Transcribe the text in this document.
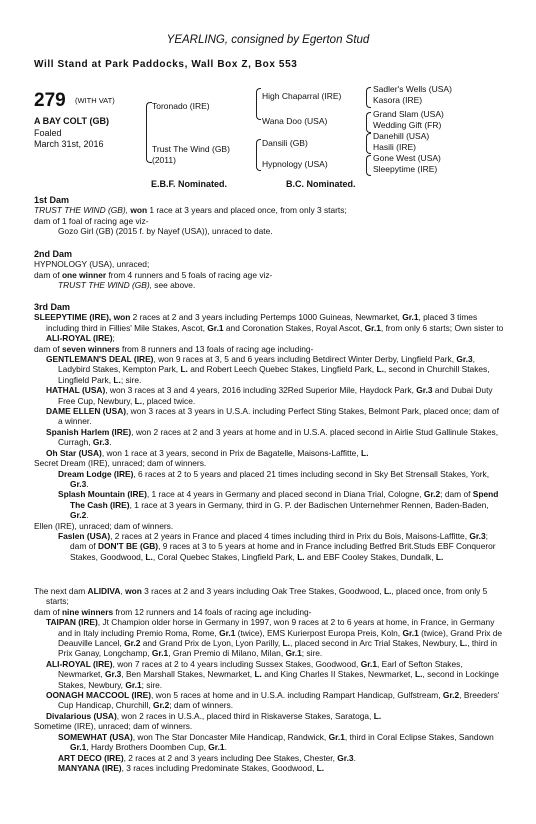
YEARLING, consigned by Egerton Stud
Will Stand at Park Paddocks, Wall Box Z, Box 553
279 (WITH VAT)
A BAY COLT (GB)
Foaled
March 31st, 2016
Toronado (IRE)
Trust The Wind (GB)
(2011)
High Chaparral (IRE)
Wana Doo (USA)
Dansili (GB)
Hypnology (USA)
Sadler's Wells (USA)
Kasora (IRE)
Grand Slam (USA)
Wedding Gift (FR)
Danehill (USA)
Hasili (IRE)
Gone West (USA)
Sleepytime (IRE)
E.B.F. Nominated.	B.C. Nominated.

1st Dam

TRUST THE WIND (GB), won 1 race at 3 years and placed once, from only 3 starts;

dam of 1 foal of racing age viz-

Gozo Girl (GB) (2015 f. by Nayef (USA)), unraced to date.

2nd Dam

HYPNOLOGY (USA), unraced;

dam of one winner from 4 runners and 5 foals of racing age viz-

TRUST THE WIND (GB), see above.

3rd Dam

SLEEPYTIME (IRE), won 2 races at 2 and 3 years including Pertemps 1000 Guineas, Newmarket, Gr.1, placed 3 times including third in Fillies' Mile Stakes, Ascot, Gr.1 and Coronation Stakes, Royal Ascot, Gr.1, from only 6 starts; Own sister to ALI-ROYAL (IRE);

dam of seven winners from 8 runners and 13 foals of racing age including-

GENTLEMAN'S DEAL (IRE), won 9 races at 3, 5 and 6 years including Betdirect Winter Derby, Lingfield Park, Gr.3, Ladybird Stakes, Kempton Park, L. and Robert Leech Quebec Stakes, Lingfield Park, L., second in Churchill Stakes, Lingfield Park, L.; sire.

HATHAL (USA), won 3 races at 3 and 4 years, 2016 including 32Red Superior Mile, Haydock Park, Gr.3 and Dubai Duty Free Cup, Newbury, L., placed twice.

DAME ELLEN (USA), won 3 races at 3 years in U.S.A. including Perfect Sting Stakes, Belmont Park, placed once; dam of a winner.

Spanish Harlem (IRE), won 2 races at 2 and 3 years at home and in U.S.A. placed second in Airlie Stud Gallinule Stakes, Curragh, Gr.3.

Oh Star (USA), won 1 race at 3 years, second in Prix de Bagatelle, Maisons-Laffitte, L.

Secret Dream (IRE), unraced; dam of winners.

Dream Lodge (IRE), 6 races at 2 to 5 years and placed 21 times including second in Sky Bet Strensall Stakes, York, Gr.3.

Splash Mountain (IRE), 1 race at 4 years in Germany and placed second in Diana Trial, Cologne, Gr.2; dam of Spend The Cash (IRE), 1 race at 3 years in Germany, third in G. P. der Badischen Unternehmer Rennen, Baden-Baden, Gr.2.

Ellen (IRE), unraced; dam of winners.

Faslen (USA), 2 races at 2 years in France and placed 4 times including third in Prix du Bois, Maisons-Laffitte, Gr.3; dam of DON'T BE (GB), 9 races at 3 to 5 years at home and in France including Betfred Brit.Studs EBF Conqueror Stakes, Goodwood, L., Coral Quebec Stakes, Lingfield Park, L. and EBF Cooley Stakes, Dundalk, L.

The next dam ALIDIVA, won 3 races at 2 and 3 years including Oak Tree Stakes, Goodwood, L., placed once, from only 5 starts;

dam of nine winners from 12 runners and 14 foals of racing age including-

TAIPAN (IRE), Jt Champion older horse in Germany in 1997, won 9 races at 2 to 6 years at home, in France, in Germany and in Italy including Premio Roma, Rome, Gr.1 (twice), EMS Kurierpost Europa Preis, Koln, Gr.1 (twice), Grand Prix de Deauville Lancel, Gr.2 and Grand Prix de Lyon, Lyon Parilly, L., placed second in Arc Trial Stakes, Newbury, L., third in Prix Ganay, Longchamp, Gr.1, Gran Premio di Milano, Milan, Gr.1; sire.

ALI-ROYAL (IRE), won 7 races at 2 to 4 years including Sussex Stakes, Goodwood, Gr.1, Earl of Sefton Stakes, Newmarket, Gr.3, Ben Marshall Stakes, Newmarket, L. and King Charles II Stakes, Newmarket, L., second in Lockinge Stakes, Newbury, Gr.1; sire.

OONAGH MACCOOL (IRE), won 5 races at home and in U.S.A. including Rampart Handicap, Gulfstream, Gr.2, Breeders' Cup Handicap, Churchill, Gr.2; dam of winners.

Divalarious (USA), won 2 races in U.S.A., placed third in Riskaverse Stakes, Saratoga, L.

Sometime (IRE), unraced; dam of winners.

SOMEWHAT (USA), won The Star Doncaster Mile Handicap, Randwick, Gr.1, third in Coral Eclipse Stakes, Sandown Gr.1, Hardy Brothers Doomben Cup, Gr.1.

ART DECO (IRE), 2 races at 2 and 3 years including Dee Stakes, Chester, Gr.3.

MANYANA (IRE), 3 races including Predominate Stakes, Goodwood, L.
